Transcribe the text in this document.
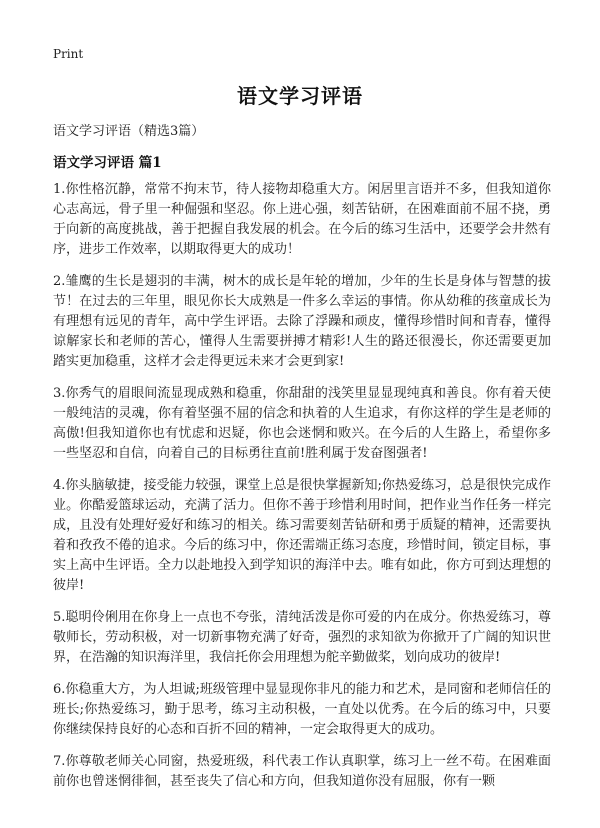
Print
语文学习评语
语文学习评语（精选3篇）
语文学习评语 篇1

1.你性格沉静，常常不拘末节，待人接物却稳重大方。闲居里言语并不多，但我知道你心志高远，骨子里一种倔强和坚忍。你上进心强，刻苦钻研，在困难面前不屈不挠，勇于向新的高度挑战，善于把握自我发展的机会。在今后的练习生活中，还要学会井然有序，进步工作效率，以期取得更大的成功！

2.雏鹰的生长是翅羽的丰满，树木的成长是年轮的增加，少年的生长是身体与智慧的拔节！在过去的三年里，眼见你长大成熟是一件多么幸运的事情。你从幼稚的孩童成长为有理想有远见的青年，高中学生评语。去除了浮躁和顽皮，懂得珍惜时间和青春，懂得谅解家长和老师的苦心，懂得人生需要拼搏才精彩!人生的路还很漫长，你还需要更加踏实更加稳重，这样才会走得更远未来才会更到家!

3.你秀气的眉眼间流显现成熟和稳重，你甜甜的浅笑里显显现纯真和善良。你有着天使一般纯洁的灵魂，你有着坚强不屈的信念和执着的人生追求，有你这样的学生是老师的高傲!但我知道你也有忧虑和迟疑，你也会迷惘和败兴。在今后的人生路上，希望你多一些坚忍和自信，向着自己的目标勇往直前!胜利属于发奋图强者!

4.你头脑敏捷，接受能力较强，课堂上总是很快掌握新知;你热爱练习，总是很快完成作业。你酷爱篮球运动，充满了活力。但你不善于珍惜利用时间，把作业当作任务一样完成，且没有处理好爱好和练习的相关。练习需要刻苦钻研和勇于质疑的精神，还需要执着和孜孜不倦的追求。今后的练习中，你还需端正练习态度，珍惜时间，锁定目标，事实上高中生评语。全力以赴地投入到学知识的海洋中去。唯有如此，你方可到达理想的彼岸!

5.聪明伶俐用在你身上一点也不夸张，清纯活泼是你可爱的内在成分。你热爱练习，尊敬师长，劳动积极，对一切新事物充满了好奇，强烈的求知欲为你掀开了广阔的知识世界，在浩瀚的知识海洋里，我信托你会用理想为舵辛勤做桨，划向成功的彼岸!

6.你稳重大方，为人坦诚;班级管理中显显现你非凡的能力和艺术，是同窗和老师信任的班长;你热爱练习，勤于思考，练习主动积极，一直处以优秀。在今后的练习中，只要你继续保持良好的心态和百折不回的精神，一定会取得更大的成功。

7.你尊敬老师关心同窗，热爱班级，科代表工作认真职掌，练习上一丝不苟。在困难面前你也曾迷惘徘徊，甚至丧失了信心和方向，但我知道你没有屈服，你有一颗
